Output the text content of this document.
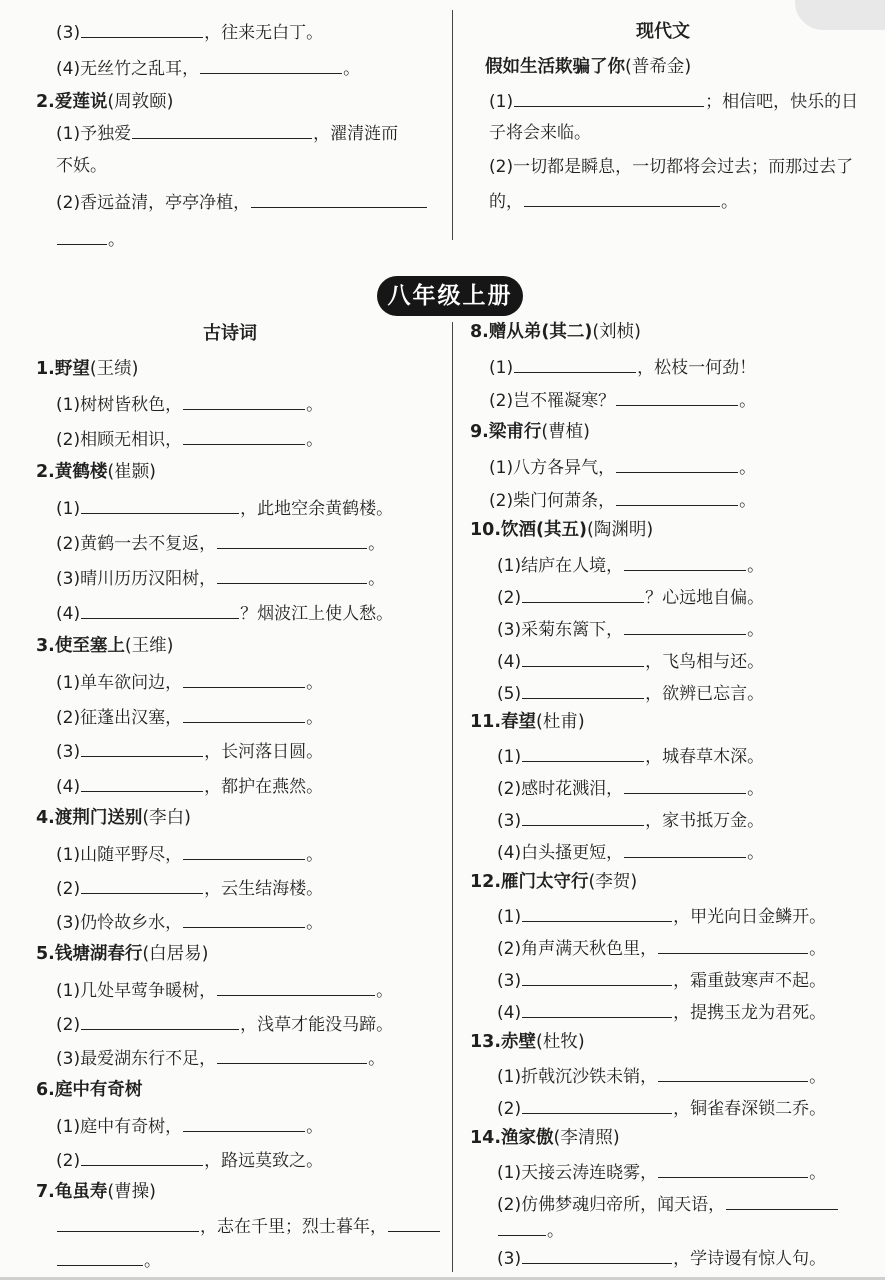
(3)	，往来无白丁。
(4)无丝竹之乱耳，	。
2.爱莲说(周敦颐)
(1)予独爱	，濯清涟而
不妖。
(2)香远益清，亭亭净植，
。
现代文
假如生活欺骗了你(普希金)
(1)	；相信吧，快乐的日
子将会来临。
(2)一切都是瞬息，一切都将会过去；而那过去了
的，	。
八年级上册
古诗词
1.野望(王绩)
(1)树树皆秋色，	。
(2)相顾无相识，	。
2.黄鹤楼(崔颢)
(1)	，此地空余黄鹤楼。
(2)黄鹤一去不复返，	。
(3)晴川历历汉阳树，	。
(4)	？烟波江上使人愁。
3.使至塞上(王维)
(1)单车欲问边，	。
(2)征蓬出汉塞，	。
(3)	，长河落日圆。
(4)	，都护在燕然。
4.渡荆门送别(李白)
(1)山随平野尽，	。
(2)	，云生结海楼。
(3)仍怜故乡水，	。
5.钱塘湖春行(白居易)
(1)几处早莺争暖树，	。
(2)	，浅草才能没马蹄。
(3)最爱湖东行不足，	。
6.庭中有奇树
(1)庭中有奇树，	。
(2)	，路远莫致之。
7.龟虽寿(曹操)
，志在千里；烈士暮年，
。
8.赠从弟(其二)(刘桢)
(1)	，松枝一何劲！
(2)岂不罹凝寒？	。
9.梁甫行(曹植)
(1)八方各异气，	。
(2)柴门何萧条，	。
10.饮酒(其五)(陶渊明)
(1)结庐在人境，	。
(2)	？心远地自偏。
(3)采菊东篱下，	。
(4)	，飞鸟相与还。
(5)	，欲辨已忘言。
11.春望(杜甫)
(1)	，城春草木深。
(2)感时花溅泪，	。
(3)	，家书抵万金。
(4)白头搔更短，	。
12.雁门太守行(李贺)
(1)	，甲光向日金鳞开。
(2)角声满天秋色里，	。
(3)	，霜重鼓寒声不起。
(4)	，提携玉龙为君死。
13.赤壁(杜牧)
(1)折戟沉沙铁未销，	。
(2)	，铜雀春深锁二乔。
14.渔家傲(李清照)
(1)天接云涛连晓雾，	。
(2)仿佛梦魂归帝所，闻天语，
。
(3)	，学诗谩有惊人句。
